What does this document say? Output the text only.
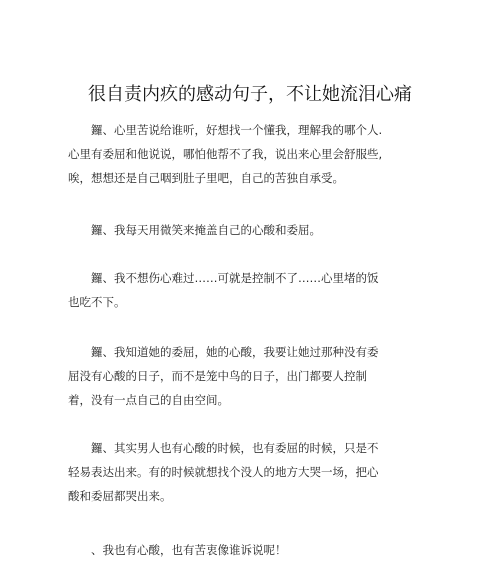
很自责内疚的感动句子，不让她流泪心痛

鑼、心里苦说给谁听，好想找一个懂我，理解我的哪个人.心里有委屈和他说说，哪怕他帮不了我，说出来心里会舒服些,唉，想想还是自己咽到肚子里吧，自己的苦独自承受。

鑼、我每天用微笑来掩盖自己的心酸和委屈。

鑼、我不想伤心难过……可就是控制不了……心里堵的饭也吃不下。

鑼、我知道她的委屈，她的心酸，我要让她过那种没有委屈没有心酸的日子，而不是笼中鸟的日子，出门都要人控制着，没有一点自己的自由空间。

鑼、其实男人也有心酸的时候，也有委屈的时候，只是不轻易表达出来。有的时候就想找个没人的地方大哭一场，把心酸和委屈都哭出来。

、我也有心酸，也有苦衷像谁诉说呢！
